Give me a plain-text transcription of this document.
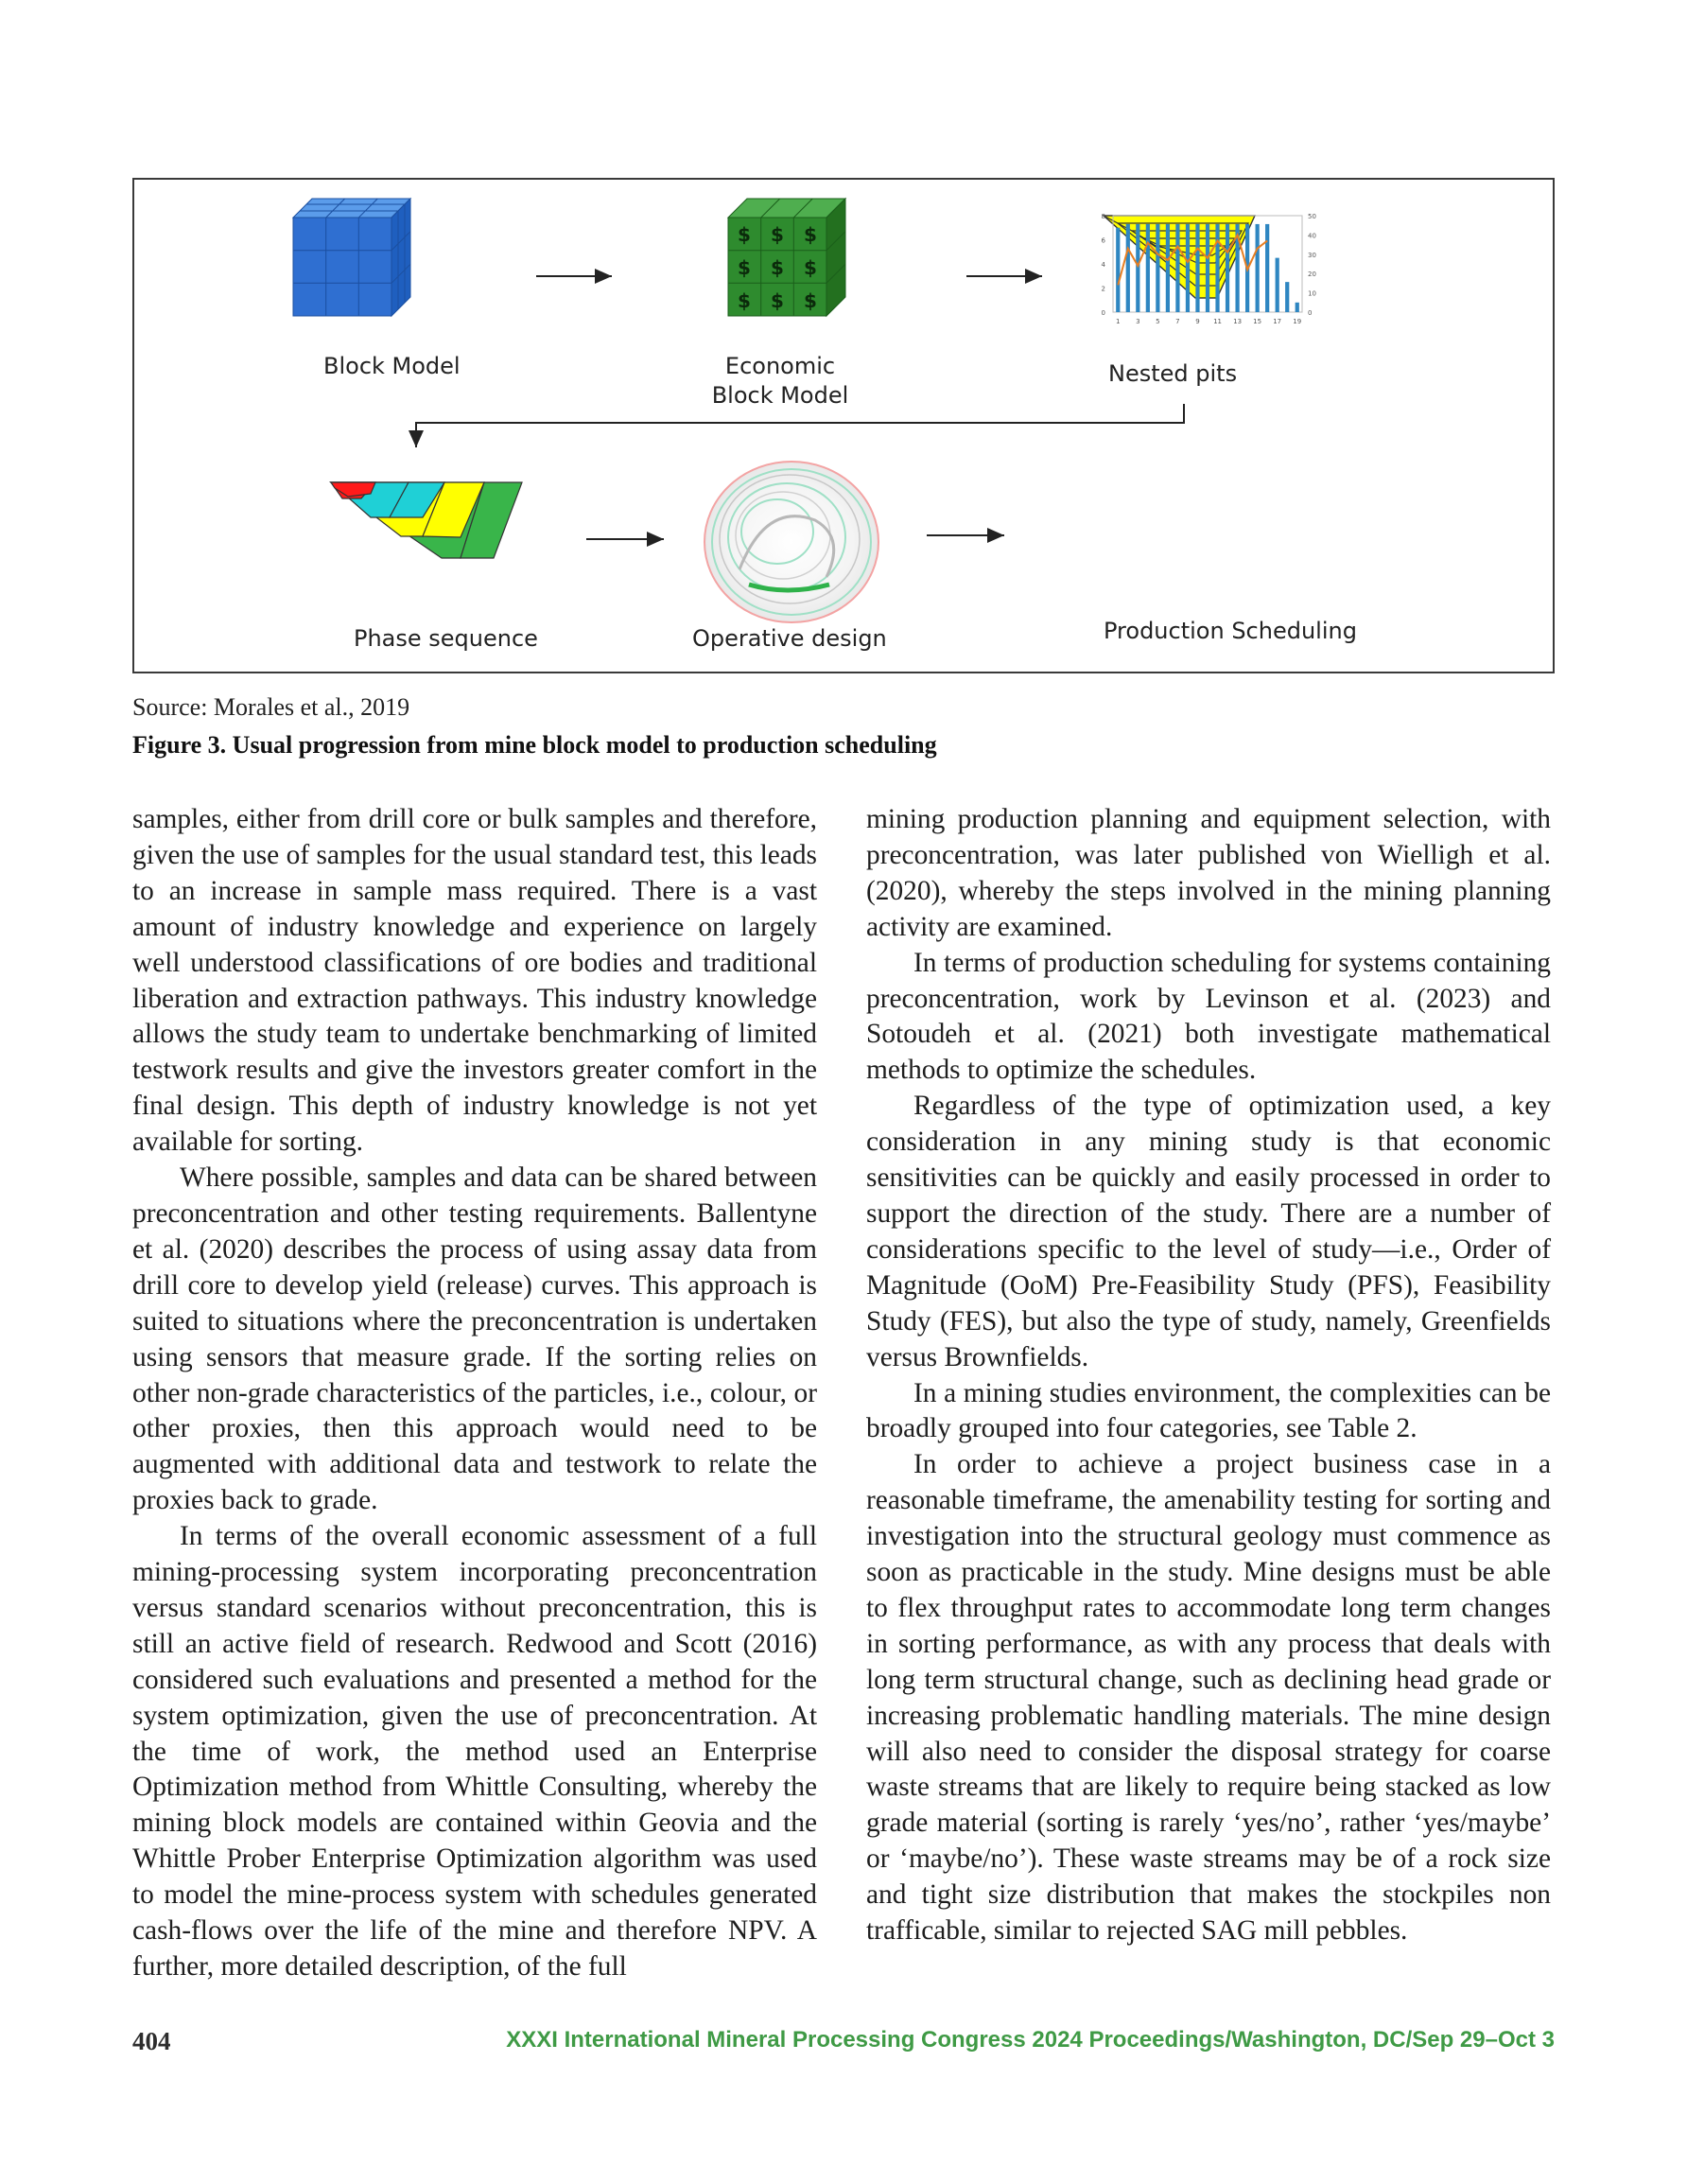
$ $ $
$ $ $
$ $ $
8
6
4
2
0
50
40
30
20
10
0
1 3 5 7 9 11 13 15 17 19
Block Model	Economic
Block Model
Nested pits
Phase sequence	Operative design	Production Scheduling
Source: Morales et al., 2019
Figure 3. Usual progression from mine block model to production scheduling

samples, either from drill core or bulk samples and therefore, given the use of samples for the usual standard test, this leads to an increase in sample mass required. There is a vast amount of industry knowledge and experience on largely well understood classifications of ore bodies and traditional liberation and extraction pathways. This industry knowledge allows the study team to undertake benchmarking of limited testwork results and give the investors greater comfort in the final design. This depth of industry knowledge is not yet available for sorting.

Where possible, samples and data can be shared between preconcentration and other testing requirements. Ballentyne et al. (2020) describes the process of using assay data from drill core to develop yield (release) curves. This approach is suited to situations where the preconcentration is undertaken using sensors that measure grade. If the sorting relies on other non-grade characteristics of the particles, i.e., colour, or other proxies, then this approach would need to be augmented with additional data and testwork to relate the proxies back to grade.

In terms of the overall economic assessment of a full mining-processing system incorporating preconcentration versus standard scenarios without preconcentration, this is still an active field of research. Redwood and Scott (2016) considered such evaluations and presented a method for the system optimization, given the use of preconcentration. At the time of work, the method used an Enterprise Optimization method from Whittle Consulting, whereby the mining block models are contained within Geovia and the Whittle Prober Enterprise Optimization algorithm was used to model the mine-process system with schedules generated cash-flows over the life of the mine and therefore NPV. A further, more detailed description, of the full

mining production planning and equipment selection, with preconcentration, was later published von Wielligh et al. (2020), whereby the steps involved in the mining planning activity are examined.

In terms of production scheduling for systems containing preconcentration, work by Levinson et al. (2023) and Sotoudeh et al. (2021) both investigate mathematical methods to optimize the schedules.

Regardless of the type of optimization used, a key consideration in any mining study is that economic sensitivities can be quickly and easily processed in order to support the direction of the study. There are a number of considerations specific to the level of study—i.e., Order of Magnitude (OoM) Pre-Feasibility Study (PFS), Feasibility Study (FES), but also the type of study, namely, Greenfields versus Brownfields.

In a mining studies environment, the complexities can be broadly grouped into four categories, see Table 2.

In order to achieve a project business case in a reasonable timeframe, the amenability testing for sorting and investigation into the structural geology must commence as soon as practicable in the study. Mine designs must be able to flex throughput rates to accommodate long term changes in sorting performance, as with any process that deals with long term structural change, such as declining head grade or increasing problematic handling materials. The mine design will also need to consider the disposal strategy for coarse waste streams that are likely to require being stacked as low grade material (sorting is rarely ‘yes/no’, rather ‘yes/maybe’ or ‘maybe/no’). These waste streams may be of a rock size and tight size distribution that makes the stockpiles non trafficable, similar to rejected SAG mill pebbles.

404	XXXI International Mineral Processing Congress 2024 Proceedings/Washington, DC/Sep 29–Oct 3
